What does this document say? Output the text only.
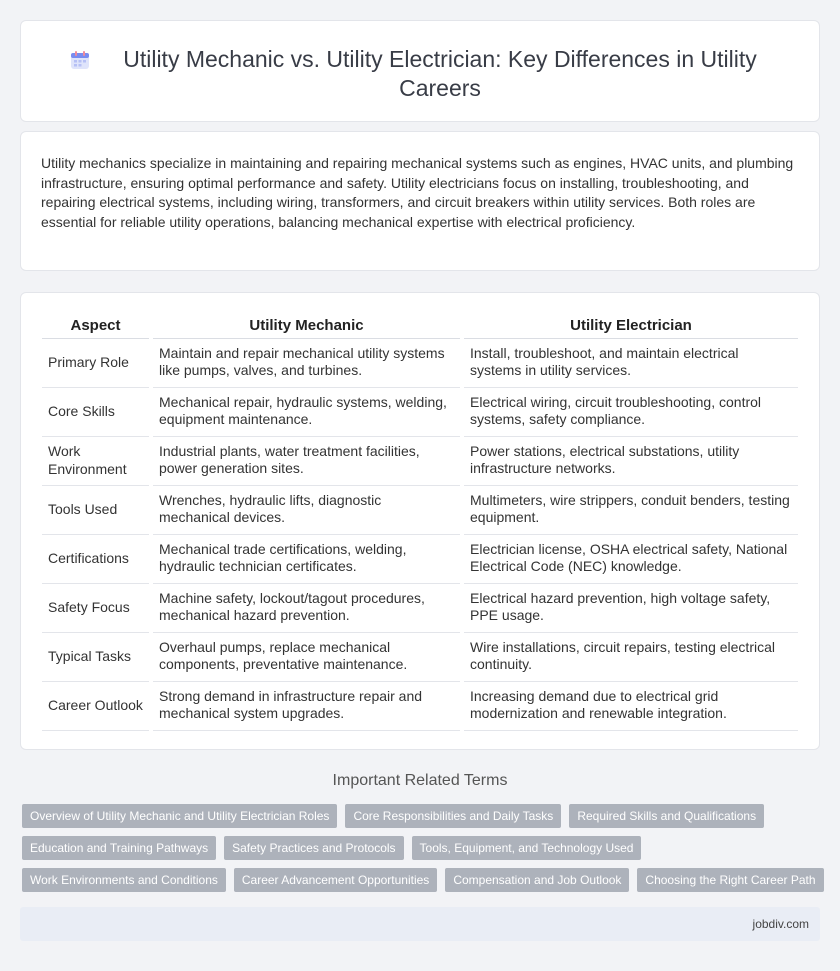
Utility Mechanic vs. Utility Electrician: Key Differences in Utility Careers

Utility mechanics specialize in maintaining and repairing mechanical systems such as engines, HVAC units, and plumbing infrastructure, ensuring optimal performance and safety. Utility electricians focus on installing, troubleshooting, and repairing electrical systems, including wiring, transformers, and circuit breakers within utility services. Both roles are essential for reliable utility operations, balancing mechanical expertise with electrical proficiency.

Aspect	Utility Mechanic	Utility Electrician
Primary Role	Maintain and repair mechanical utility systems like pumps, valves, and turbines.	Install, troubleshoot, and maintain electrical systems in utility services.
Core Skills	Mechanical repair, hydraulic systems, welding, equipment maintenance.	Electrical wiring, circuit troubleshooting, control systems, safety compliance.
Work Environment	Industrial plants, water treatment facilities, power generation sites.	Power stations, electrical substations, utility infrastructure networks.
Tools Used	Wrenches, hydraulic lifts, diagnostic mechanical devices.	Multimeters, wire strippers, conduit benders, testing equipment.
Certifications	Mechanical trade certifications, welding, hydraulic technician certificates.	Electrician license, OSHA electrical safety, National Electrical Code (NEC) knowledge.
Safety Focus	Machine safety, lockout/tagout procedures, mechanical hazard prevention.	Electrical hazard prevention, high voltage safety, PPE usage.
Typical Tasks	Overhaul pumps, replace mechanical components, preventative maintenance.	Wire installations, circuit repairs, testing electrical continuity.
Career Outlook	Strong demand in infrastructure repair and mechanical system upgrades.	Increasing demand due to electrical grid modernization and renewable integration.
Important Related Terms
Overview of Utility Mechanic and Utility Electrician Roles	Core Responsibilities and Daily Tasks	Required Skills and Qualifications
Education and Training Pathways	Safety Practices and Protocols	Tools, Equipment, and Technology Used
Work Environments and Conditions	Career Advancement Opportunities	Compensation and Job Outlook	Choosing the Right Career Path
jobdiv.com
